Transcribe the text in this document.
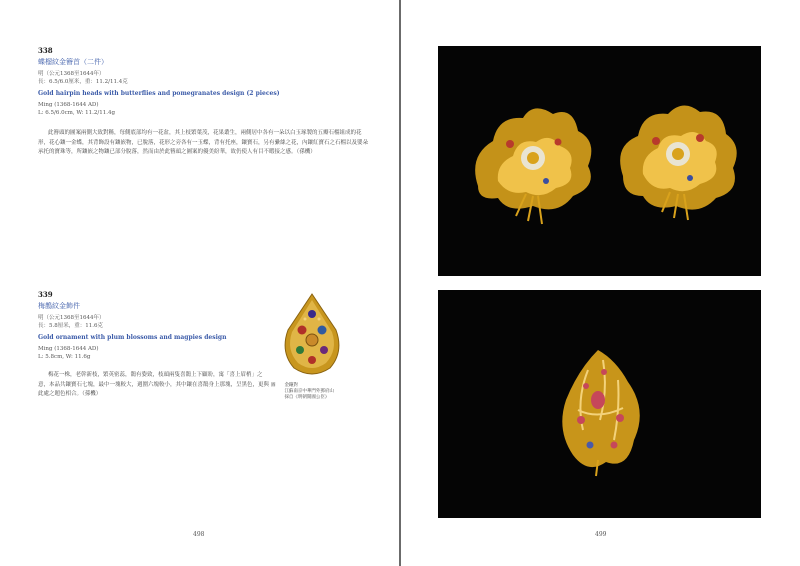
338
蝶榴紋金簪首（二件）
明（公元1368至1644年）
長：6.5/6.0厘米，重：11.2/11.4克
Gold hairpin heads with butterflies and pomegranates design (2 pieces)
Ming (1368-1644 AD)
L: 6.5/6.0cm, W: 11.2/11.4g
此簪頭的圖案兩側大致對稱，每側底部均有一花盆，其上枝繁葉茂，花果叢生，兩側居中各有一朵以白玉琢製的五瓣石榴組成的花形，花心鑲一金蝶，其背飾設有鑲嵌物，已脫落，花形之旁各有一玉蝶，背有托座，鑲寶石，另有纍絲之花，內鑲紅寶石之石榴以及嬰朵承托的寶珠等，所鑲嵌之物鑲已部分脫落，然而由於此簪頭之圖案的優美紛華，故仍使人有目不暇接之感。（孫機）
339
梅鵲紋金飾件
明（公元1368至1644年）
長：5.8厘米，重：11.6克
Gold ornament with plum blossoms and magpies design
Ming (1368-1644 AD)
L: 5.8cm, W: 11.6g
梅花一株，老幹新枝，繁英密蕊，鵲有姿致，枝頭兩隻喜鵲上下顧盼，寓「喜上眉梢」之意，本品共鑲寶石七塊，最中一塊較大，週圍六塊較小，其中鑲在喜鵲身上那塊，呈黑色，更與此處之題色相合。（孫機）
圖 金鑲對
江蘇南京中華門外鄧府山
採自《明朝開國公臣》
498	499
